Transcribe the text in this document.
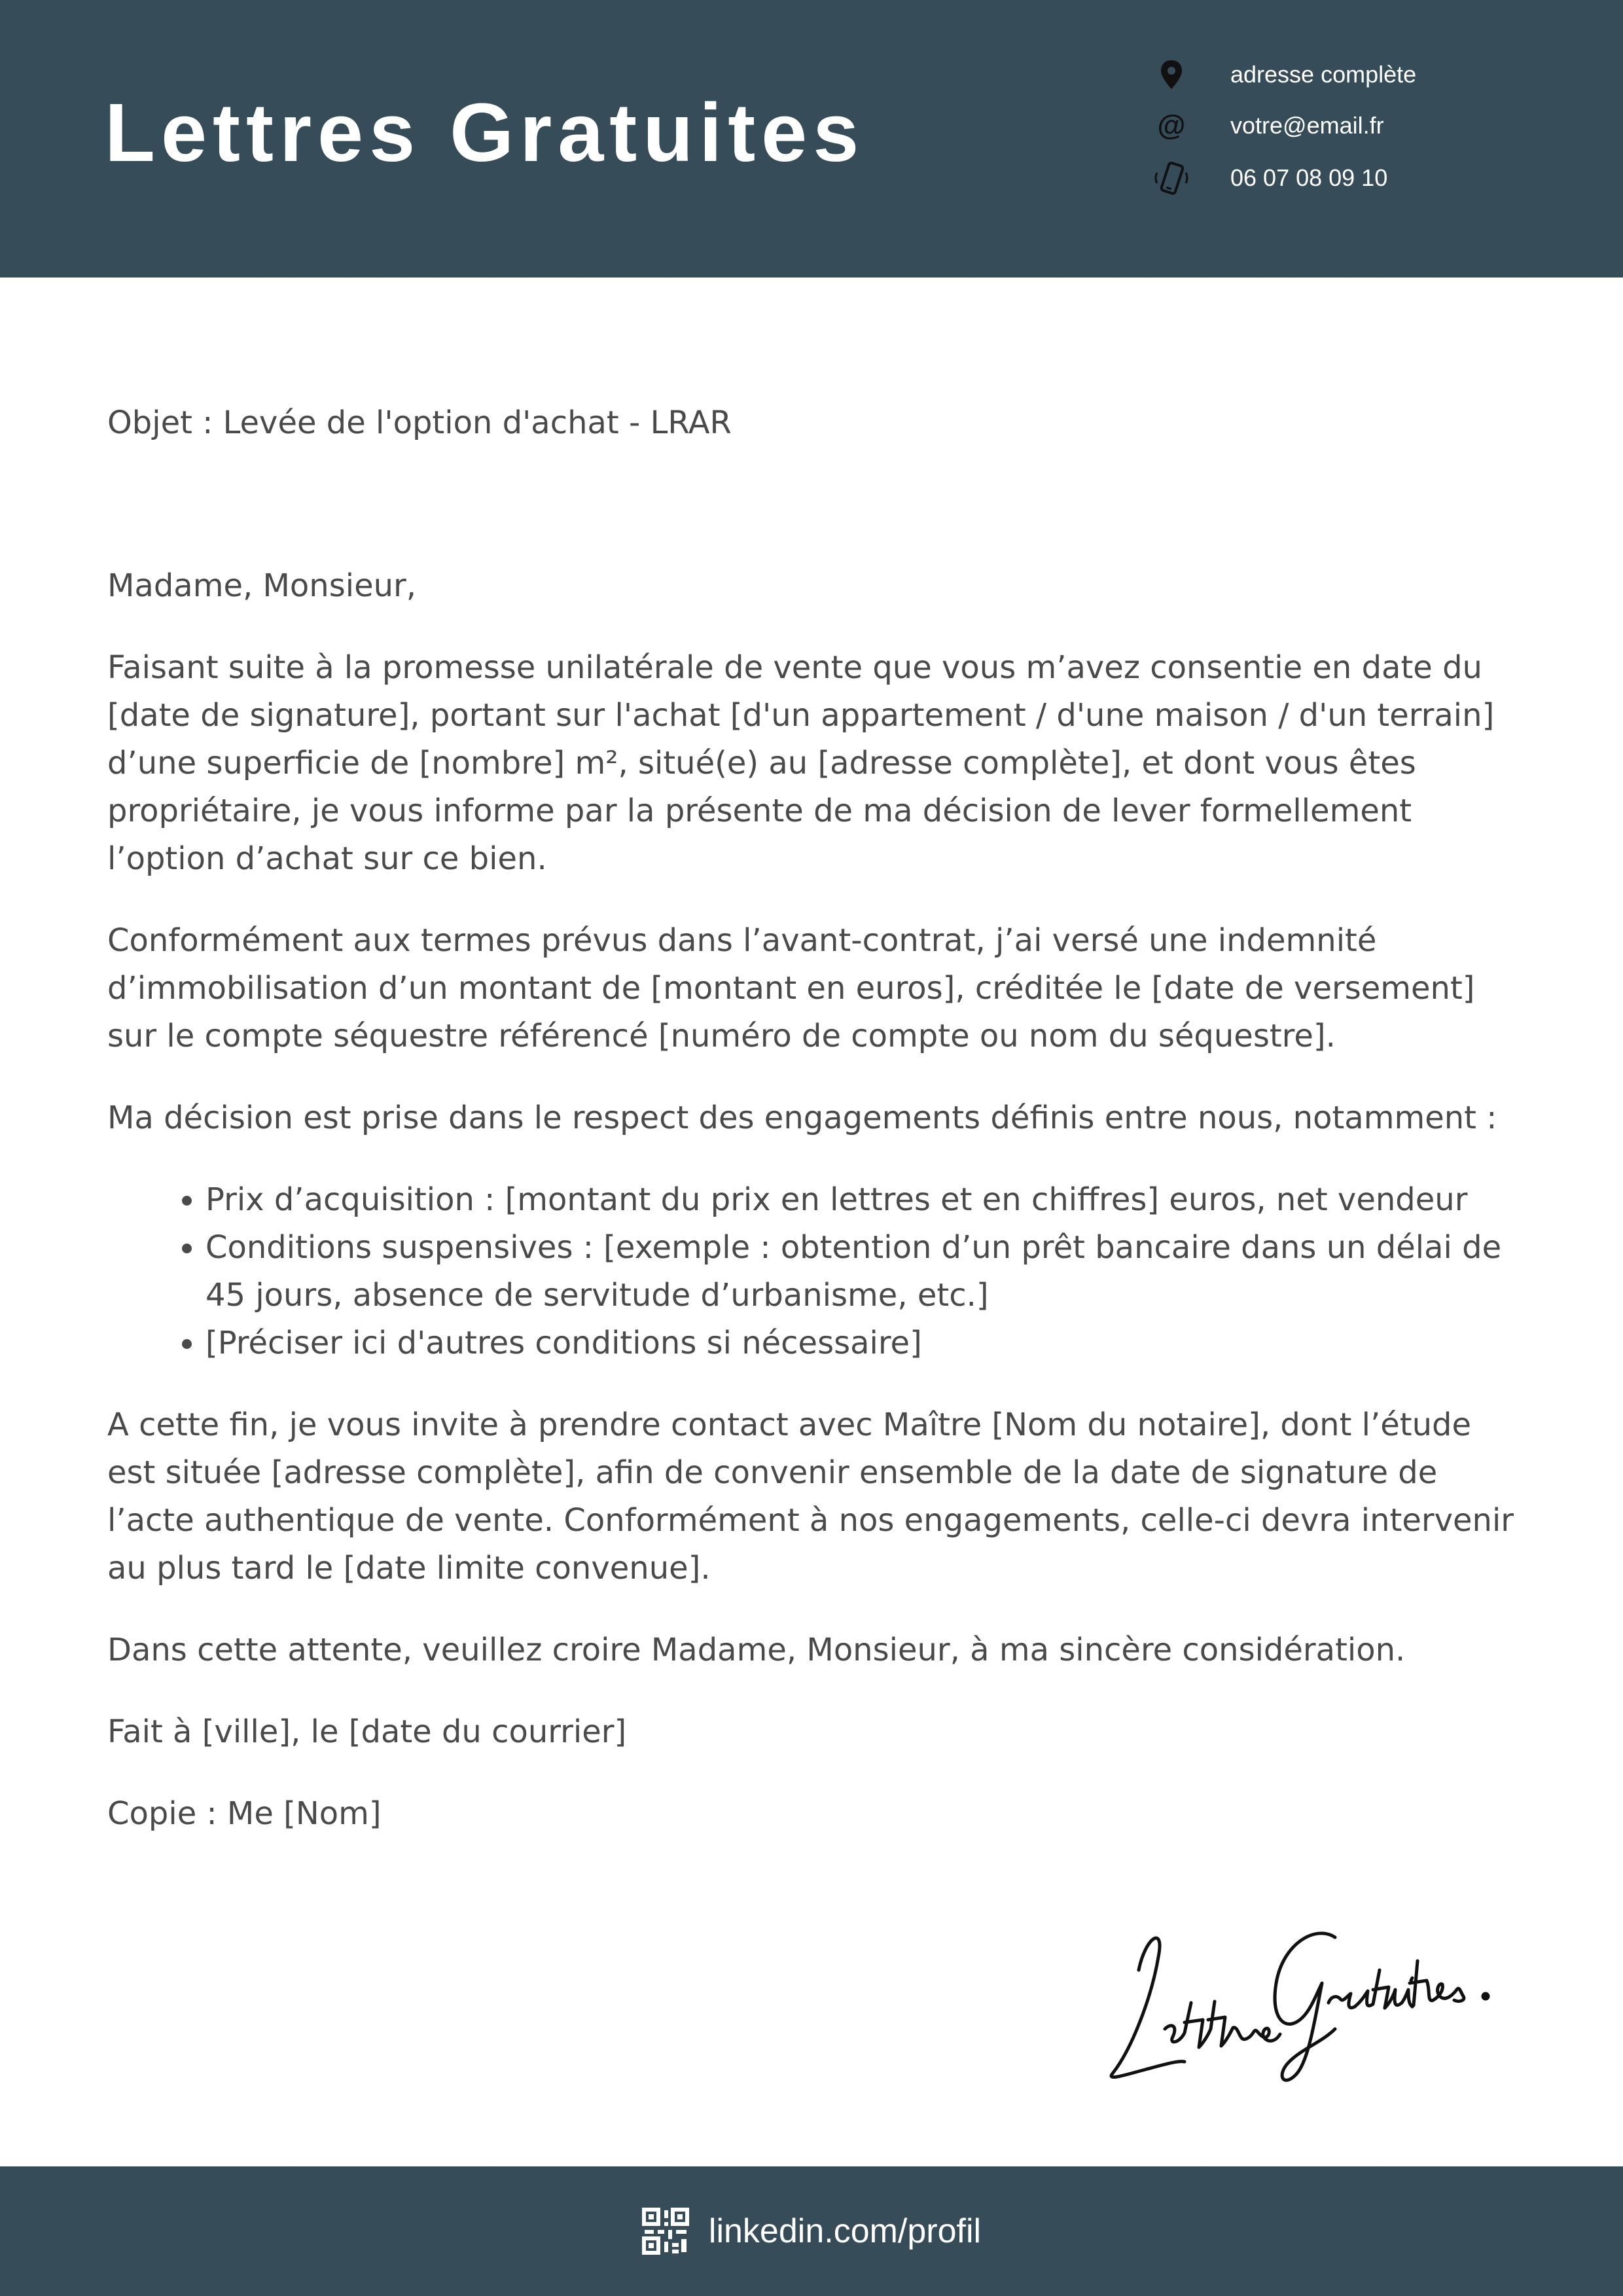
Lettres Gratuites
adresse complète
@ votre@email.fr
06 07 08 09 10

Objet : Levée de l'option d'achat - LRAR

Madame, Monsieur,

Faisant suite à la promesse unilatérale de vente que vous m’avez consentie en date du [date de signature], portant sur l'achat [d'un appartement / d'une maison / d'un terrain] d’une superficie de [nombre] m², situé(e) au [adresse complète], et dont vous êtes propriétaire, je vous informe par la présente de ma décision de lever formellement l’option d’achat sur ce bien.

Conformément aux termes prévus dans l’avant-contrat, j’ai versé une indemnité d’immobilisation d’un montant de [montant en euros], créditée le [date de versement] sur le compte séquestre référencé [numéro de compte ou nom du séquestre].

Ma décision est prise dans le respect des engagements définis entre nous, notamment :

• Prix d’acquisition : [montant du prix en lettres et en chiffres] euros, net vendeur
• Conditions suspensives : [exemple : obtention d’un prêt bancaire dans un délai de 45 jours, absence de servitude d’urbanisme, etc.]
• [Préciser ici d'autres conditions si nécessaire]

A cette fin, je vous invite à prendre contact avec Maître [Nom du notaire], dont l’étude est située [adresse complète], afin de convenir ensemble de la date de signature de l’acte authentique de vente. Conformément à nos engagements, celle-ci devra intervenir au plus tard le [date limite convenue].

Dans cette attente, veuillez croire Madame, Monsieur, à ma sincère considération.

Fait à [ville], le [date du courrier]

Copie : Me [Nom]

linkedin.com/profil
